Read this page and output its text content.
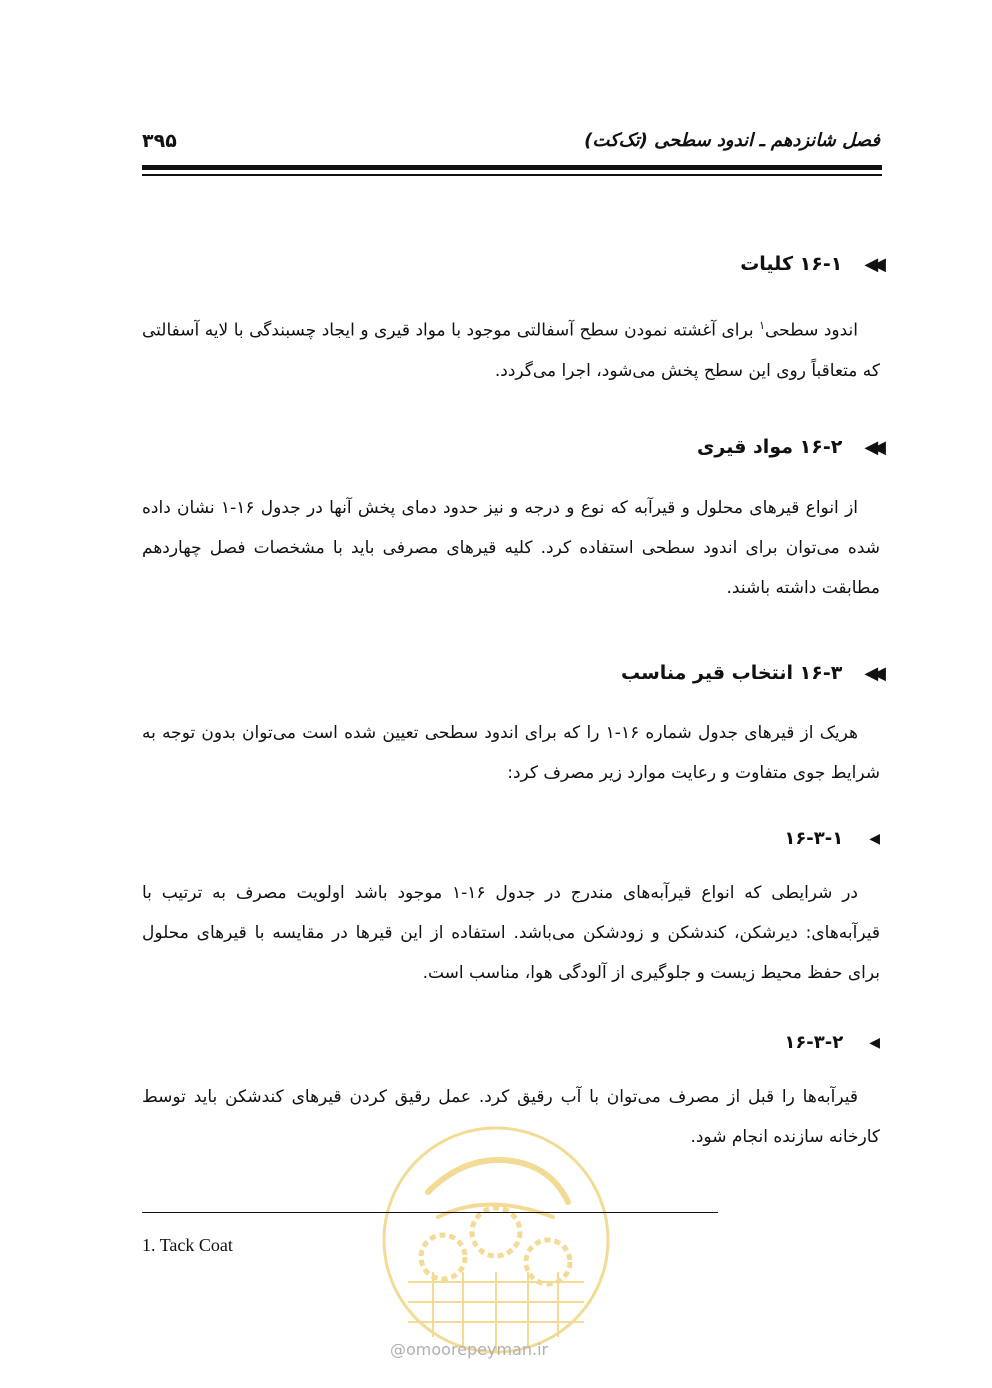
فصل شانزدهم ـ اندود سطحی (تک‌کت)
۳۹۵
◀◀
۱۶-۱ کلیات

اندود سطحی$^۱$ برای آغشته نمودن سطح آسفالتی موجود با مواد قیری و ایجاد چسبندگی با لایه آسفالتی که متعاقباً روی این سطح پخش می‌شود، اجرا می‌گردد.

◀◀
۱۶-۲ مواد قیری

از انواع قیرهای محلول و قیرآبه که نوع و درجه و نیز حدود دمای پخش آنها در جدول ۱۶-۱ نشان داده شده می‌توان برای اندود سطحی استفاده کرد. کلیه قیرهای مصرفی باید با مشخصات فصل چهاردهم مطابقت داشته باشند.

◀◀
۱۶-۳ انتخاب قیر مناسب

هریک از قیرهای جدول شماره ۱۶-۱ را که برای اندود سطحی تعیین شده است می‌توان بدون توجه به شرایط جوی متفاوت و رعایت موارد زیر مصرف کرد:

◀
۱۶-۳-۱

در شرایطی که انواع قیرآبه‌های مندرج در جدول ۱۶-۱ موجود باشد اولویت مصرف به ترتیب با قیرآبه‌های: دیرشکن، کندشکن و زودشکن می‌باشد. استفاده از این قیرها در مقایسه با قیرهای محلول برای حفظ محیط زیست و جلوگیری از آلودگی هوا، مناسب است.

◀
۱۶-۳-۲

قیرآبه‌ها را قبل از مصرف می‌توان با آب رقیق کرد. عمل رقیق کردن قیرهای کندشکن باید توسط کارخانه سازنده انجام شود.

@omoorepeyman.ir
1. Tack Coat
